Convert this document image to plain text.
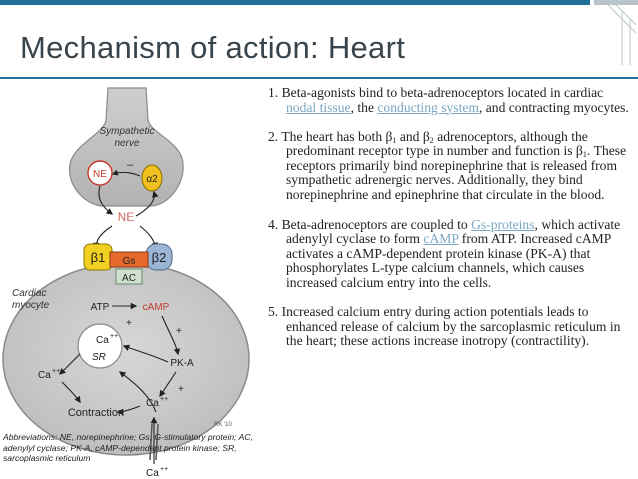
Mechanism of action: Heart
Sympathetic
nerve
NE	α2
–
NE
β1	β2
Gs
AC
Cardiac
myocyte	ATP	cAMP
+
Ca ++
SR
+
PK-A
+
Ca ++
Contraction
Ca ++
Ca ++
RK '10
Abbreviations: NE, norepinephrine; Gs, G-stimulatory protein; AC, adenylyl cyclase; PK-A, cAMP-dependent protein kinase; SR, sarcoplasmic reticulum
1. Beta-agonists bind to beta-adrenoceptors located in cardiac nodal tissue, the conducting system, and contracting myocytes.
2. The heart has both $\beta_1$ and $\beta_2$ adrenoceptors, although the predominant receptor type in number and function is $\beta_1$. These receptors primarily bind norepinephrine that is released from sympathetic adrenergic nerves. Additionally, they bind norepinephrine and epinephrine that circulate in the blood.
4. Beta-adrenoceptors are coupled to Gs-proteins, which activate adenylyl cyclase to form cAMP from ATP. Increased cAMP activates a cAMP-dependent protein kinase (PK-A) that phosphorylates L-type calcium channels, which causes increased calcium entry into the cells.
5. Increased calcium entry during action potentials leads to enhanced release of calcium by the sarcoplasmic reticulum in the heart; these actions increase inotropy (contractility).
